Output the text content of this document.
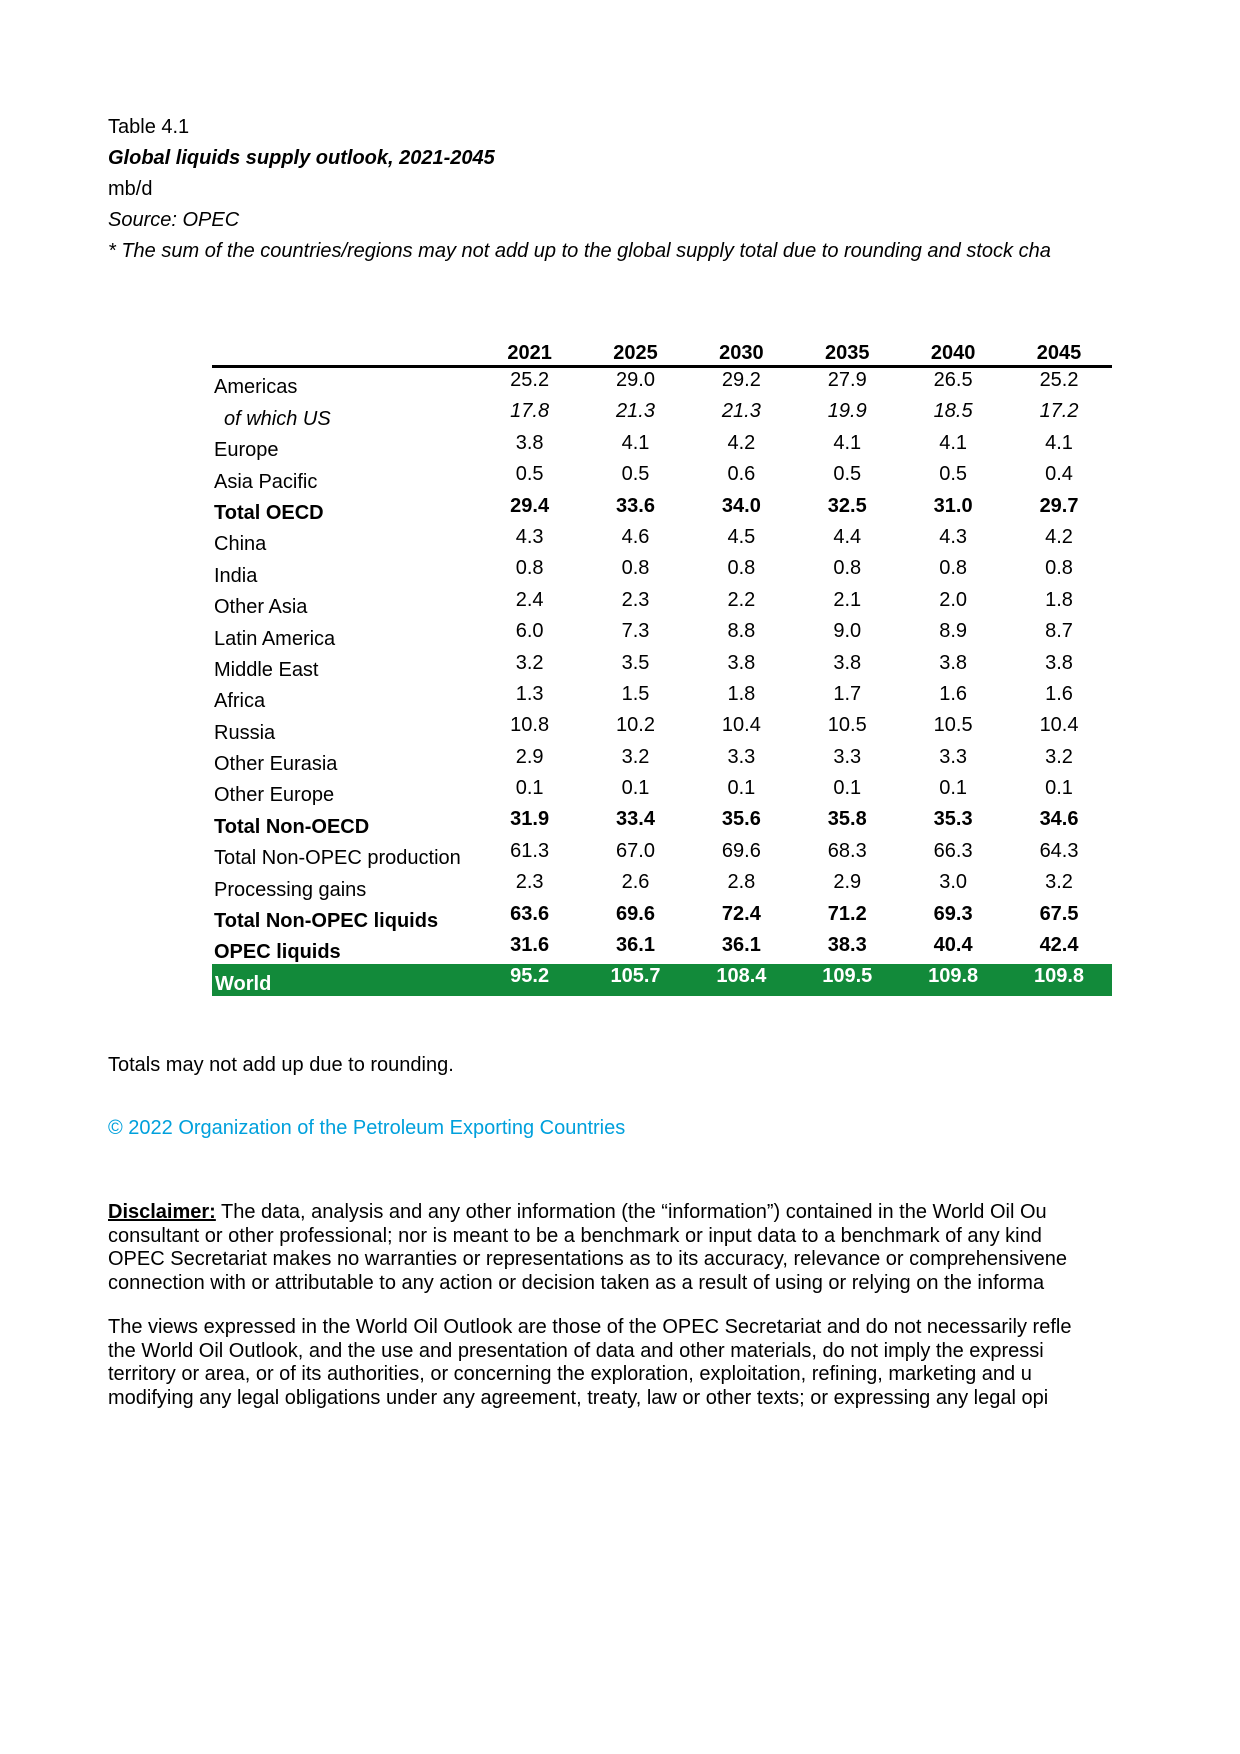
Table 4.1
Global liquids supply outlook, 2021-2045
mb/d
Source: OPEC
* The sum of the countries/regions may not add up to the global supply total due to rounding and stock cha
	2021	2025	2030	2035	2040	2045
Americas	25.2	29.0	29.2	27.9	26.5	25.2
of which US	17.8	21.3	21.3	19.9	18.5	17.2
Europe	3.8	4.1	4.2	4.1	4.1	4.1
Asia Pacific	0.5	0.5	0.6	0.5	0.5	0.4
Total OECD	29.4	33.6	34.0	32.5	31.0	29.7
China	4.3	4.6	4.5	4.4	4.3	4.2
India	0.8	0.8	0.8	0.8	0.8	0.8
Other Asia	2.4	2.3	2.2	2.1	2.0	1.8
Latin America	6.0	7.3	8.8	9.0	8.9	8.7
Middle East	3.2	3.5	3.8	3.8	3.8	3.8
Africa	1.3	1.5	1.8	1.7	1.6	1.6
Russia	10.8	10.2	10.4	10.5	10.5	10.4
Other Eurasia	2.9	3.2	3.3	3.3	3.3	3.2
Other Europe	0.1	0.1	0.1	0.1	0.1	0.1
Total Non-OECD	31.9	33.4	35.6	35.8	35.3	34.6
Total Non-OPEC production	61.3	67.0	69.6	68.3	66.3	64.3
Processing gains	2.3	2.6	2.8	2.9	3.0	3.2
Total Non-OPEC liquids	63.6	69.6	72.4	71.2	69.3	67.5
OPEC liquids	31.6	36.1	36.1	38.3	40.4	42.4
World	95.2	105.7	108.4	109.5	109.8	109.8
Totals may not add up due to rounding.
© 2022 Organization of the Petroleum Exporting Countries
Disclaimer: The data, analysis and any other information (the “information”) contained in the World Oil Ou
consultant or other professional; nor is meant to be a benchmark or input data to a benchmark of any kind
OPEC Secretariat makes no warranties or representations as to its accuracy, relevance or comprehensivene
connection with or attributable to any action or decision taken as a result of using or relying on the informa
The views expressed in the World Oil Outlook are those of the OPEC Secretariat and do not necessarily refle
the World Oil Outlook, and the use and presentation of data and other materials, do not imply the expressi
territory or area, or of its authorities, or concerning the exploration, exploitation, refining, marketing and u
modifying any legal obligations under any agreement, treaty, law or other texts; or expressing any legal opi
